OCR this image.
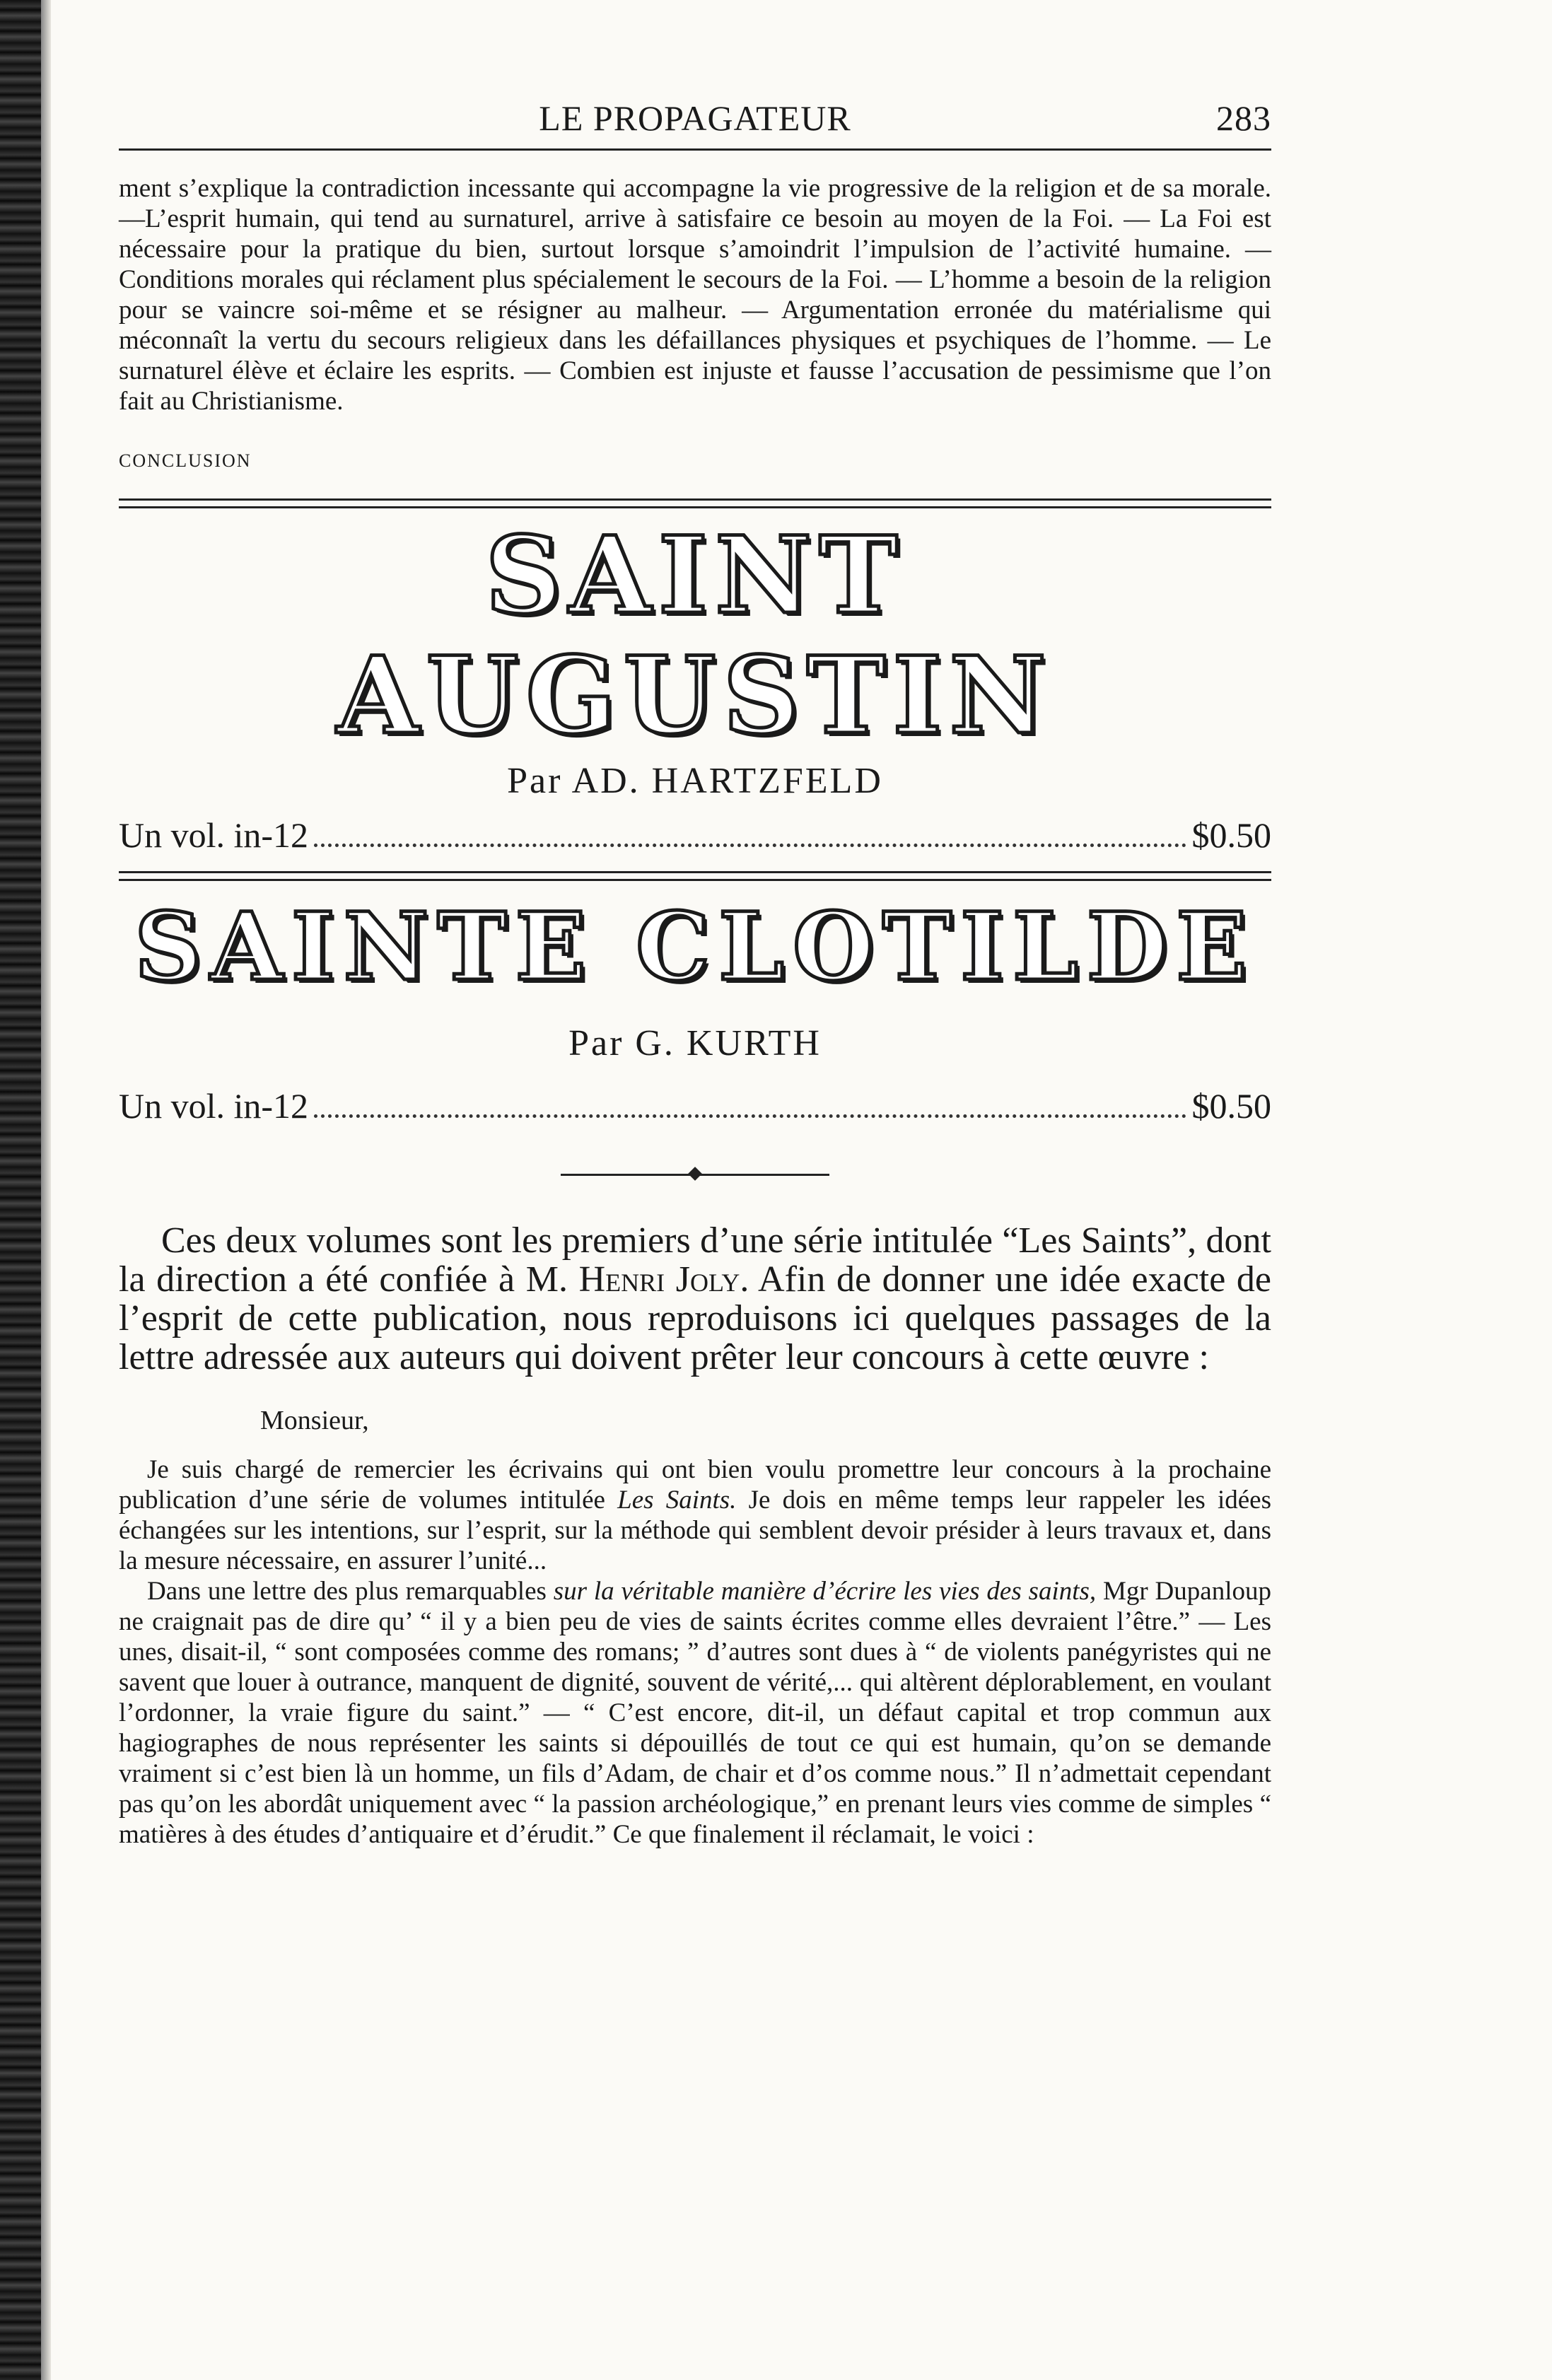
LE PROPAGATEUR	283
ment s’explique la contradiction incessante qui accompagne la vie progressive de la religion et de sa morale. —L’esprit humain, qui tend au surnaturel, arrive à satisfaire ce besoin au moyen de la Foi. — La Foi est nécessaire pour la pratique du bien, surtout lorsque s’amoindrit l’impulsion de l’activité humaine. — Conditions morales qui réclament plus spécialement le secours de la Foi. — L’homme a besoin de la religion pour se vaincre soi-même et se résigner au malheur. — Argumentation erronée du matérialisme qui méconnaît la vertu du secours religieux dans les défaillances physiques et psychiques de l’homme. — Le surnaturel élève et éclaire les esprits. — Combien est injuste et fausse l’accusation de pessimisme que l’on fait au Christianisme.
CONCLUSION
SAINT AUGUSTIN
Par AD. HARTZFELD
Un vol. in-12	$0.50
SAINTE CLOTILDE
Par G. KURTH
Un vol. in-12	$0.50
Ces deux volumes sont les premiers d’une série intitulée “Les Saints”, dont la direction a été confiée à M. Henri Joly. Afin de donner une idée exacte de l’esprit de cette publication, nous reproduisons ici quelques passages de la lettre adressée aux auteurs qui doivent prêter leur concours à cette œuvre :
Monsieur,

Je suis chargé de remercier les écrivains qui ont bien voulu promettre leur concours à la prochaine publication d’une série de volumes intitulée Les Saints. Je dois en même temps leur rappeler les idées échangées sur les intentions, sur l’esprit, sur la méthode qui semblent devoir présider à leurs travaux et, dans la mesure nécessaire, en assurer l’unité...

Dans une lettre des plus remarquables sur la véritable manière d’écrire les vies des saints, Mgr Dupanloup ne craignait pas de dire qu’ “ il y a bien peu de vies de saints écrites comme elles devraient l’être.” — Les unes, disait-il, “ sont composées comme des romans; ” d’autres sont dues à “ de violents panégyristes qui ne savent que louer à outrance, manquent de dignité, souvent de vérité,... qui altèrent déplorablement, en voulant l’ordonner, la vraie figure du saint.” — “ C’est encore, dit-il, un défaut capital et trop commun aux hagiographes de nous représenter les saints si dépouillés de tout ce qui est humain, qu’on se demande vraiment si c’est bien là un homme, un fils d’Adam, de chair et d’os comme nous.” Il n’admettait cependant pas qu’on les abordât uniquement avec “ la passion archéologique,” en prenant leurs vies comme de simples “ matières à des études d’antiquaire et d’érudit.” Ce que finalement il réclamait, le voici :
